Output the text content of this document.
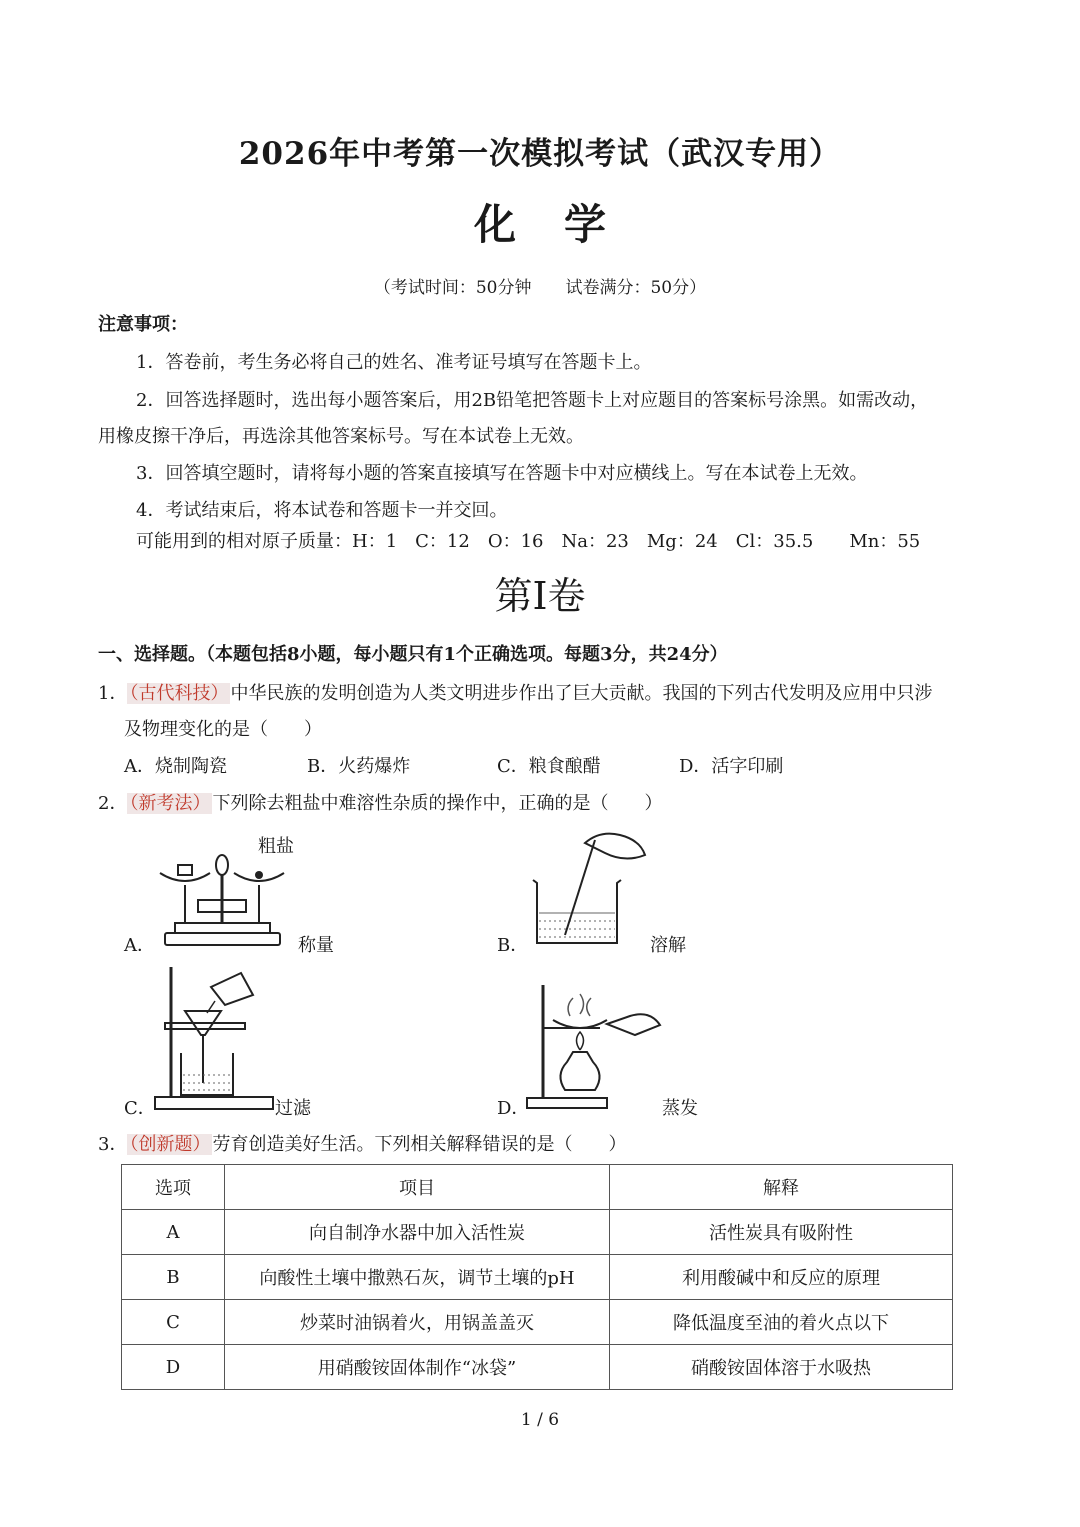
2026年中考第一次模拟考试（武汉专用）
化学
（考试时间：50分钟　　试卷满分：50分）
注意事项：
1．答卷前，考生务必将自己的姓名、准考证号填写在答题卡上。
2．回答选择题时，选出每小题答案后，用2B铅笔把答题卡上对应题目的答案标号涂黑。如需改动，
用橡皮擦干净后，再选涂其他答案标号。写在本试卷上无效。
3．回答填空题时，请将每小题的答案直接填写在答题卡中对应横线上。写在本试卷上无效。
4．考试结束后，将本试卷和答题卡一并交回。
可能用到的相对原子质量：H：1　C：12　O：16　Na：23　Mg：24　Cl：35.5　　Mn：55
第Ⅰ卷
一、选择题。（本题包括8小题，每小题只有1个正确选项。每题3分，共24分）
1． （古代科技） 中华民族的发明创造为人类文明进步作出了巨大贡献。我国的下列古代发明及应用中只涉
及物理变化的是（　　）
A．烧制陶瓷	B．火药爆炸	C．粮食酿醋	D．活字印刷
2． （新考法） 下列除去粗盐中难溶性杂质的操作中，正确的是（　　）
A．	称量
粗盐
B．	溶解
C．	过滤	D．	蒸发
3． （创新题） 劳育创造美好生活。下列相关解释错误的是（　　）
选项	项目	解释
A	向自制净水器中加入活性炭	活性炭具有吸附性
B	向酸性土壤中撒熟石灰，调节土壤的pH	利用酸碱中和反应的原理
C	炒菜时油锅着火，用锅盖盖灭	降低温度至油的着火点以下
D	用硝酸铵固体制作“冰袋”	硝酸铵固体溶于水吸热
1 / 6
